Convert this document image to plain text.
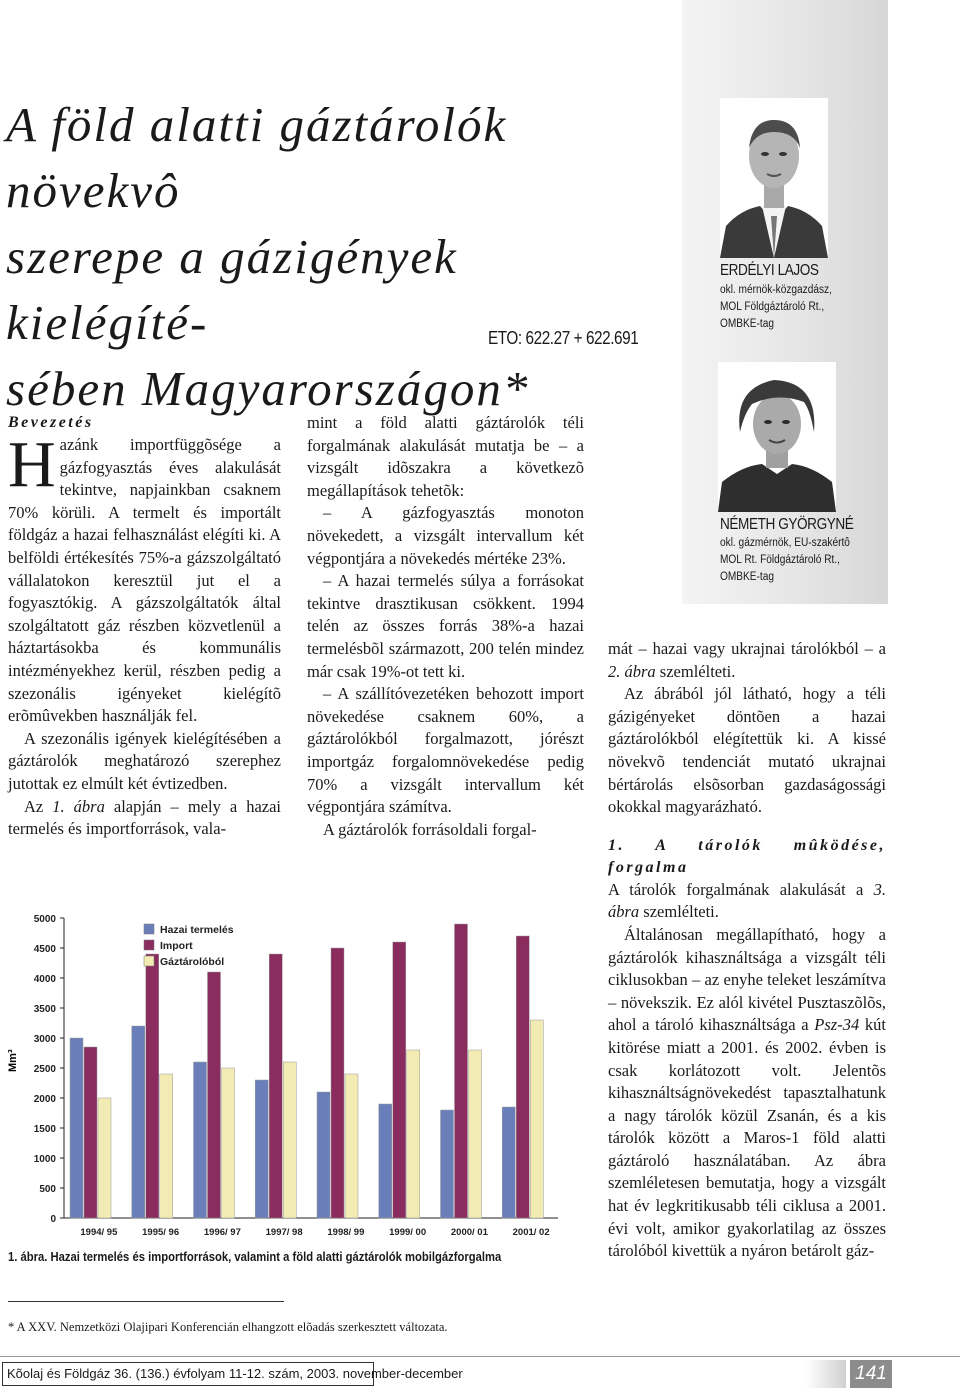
A föld alatti gáztárolók növekvô
szerepe a gázigények kielégíté-
sében Magyarországon*
ETO: 622.27 + 622.691
ERDÉLYI LAJOS
okl. mérnök-közgazdász,
MOL Földgáztároló Rt.,
OMBKE-tag
NÉMETH GYÖRGYNÉ
okl. gázmérnök, EU-szakértô
MOL Rt. Földgáztároló Rt.,
OMBKE-tag
Bevezetés

Hazánk importfüggõsége a gázfogyasztás éves alakulását tekintve, napjainkban csaknem 70% körüli. A termelt és importált földgáz a hazai felhasználást elégíti ki. A belföldi értékesítés 75%-a gázszolgáltató vállalatokon keresztül jut el a fogyasztókig. A gázszolgáltatók által szolgáltatott gáz részben közvetlenül a háztartásokba és kommunális intézményekhez kerül, részben pedig a szezonális igényeket kielégítõ erõmûvekben használják fel.

A szezonális igények kielégítésében a gáztárolók meghatározó szerephez jutottak ez elmúlt két évtizedben.

Az 1. ábra alapján – mely a hazai termelés és importforrások, vala-

mint a föld alatti gáztárolók téli forgalmának alakulását mutatja be – a vizsgált idõszakra a következõ megállapítások tehetõk:

– A gázfogyasztás monoton növekedett, a vizsgált intervallum két végpontjára a növekedés mértéke 23%.

– A hazai termelés súlya a forrásokat tekintve drasztikusan csökkent. 1994 telén az összes forrás 38%-a hazai termelésbõl származott, 200 telén mindez már csak 19%-ot tett ki.

– A szállítóvezetéken behozott import növekedése csaknem 60%, a gáztárolókból forgalmazott, jórészt importgáz forgalomnövekedése pedig 70% a vizsgált intervallum két végpontjára számítva.

A gáztárolók forrásoldali forgal-

mát – hazai vagy ukrajnai tárolókból – a 2. ábra szemlélteti.

Az ábrából jól látható, hogy a téli gázigényeket döntõen a hazai gáztárolókból elégítettük ki. A kissé növekvõ tendenciát mutató ukrajnai bértárolás elsõsorban gazdaságossági okokkal magyarázható.

1. A tárolók mûködése, forgalma

A tárolók forgalmának alakulását a 3. ábra szemlélteti.

Általánosan megállapítható, hogy a gáztárolók kihasználtsága a vizsgált téli ciklusokban – az enyhe teleket leszámítva – növekszik. Ez alól kivétel Pusztaszõlõs, ahol a tároló kihasználtsága a Psz-34 kút kitörése miatt a 2001. és 2002. évben is csak korlátozott volt. Jelentõs kihasználtságnövekedést tapasztalhatunk a nagy tárolók közül Zsanán, és a kis tárolók között a Maros-1 föld alatti gáztároló használatában. Az ábra szemléletesen bemutatja, hogy a vizsgált hat év legkritikusabb téli ciklusa a 2001. évi volt, amikor gyakorlatilag az összes tárolóból kivettük a nyáron betárolt gáz-

0
500
1000
1500
2000
2500
3000
3500
4000
4500
5000
1994/ 95	1995/ 96	1996/ 97	1997/ 98	1998/ 99	1999/ 00	2000/ 01	2001/ 02
Hazai termelés
Import
Gáztárolóból
Mm³
1. ábra. Hazai termelés és importforrások, valamint a föld alatti gáztárolók mobilgázforgalma
* A XXV. Nemzetközi Olajipari Konferencián elhangzott elõadás szerkesztett változata.
Kõolaj és Földgáz 36. (136.) évfolyam 11-12. szám, 2003. november-december	141
